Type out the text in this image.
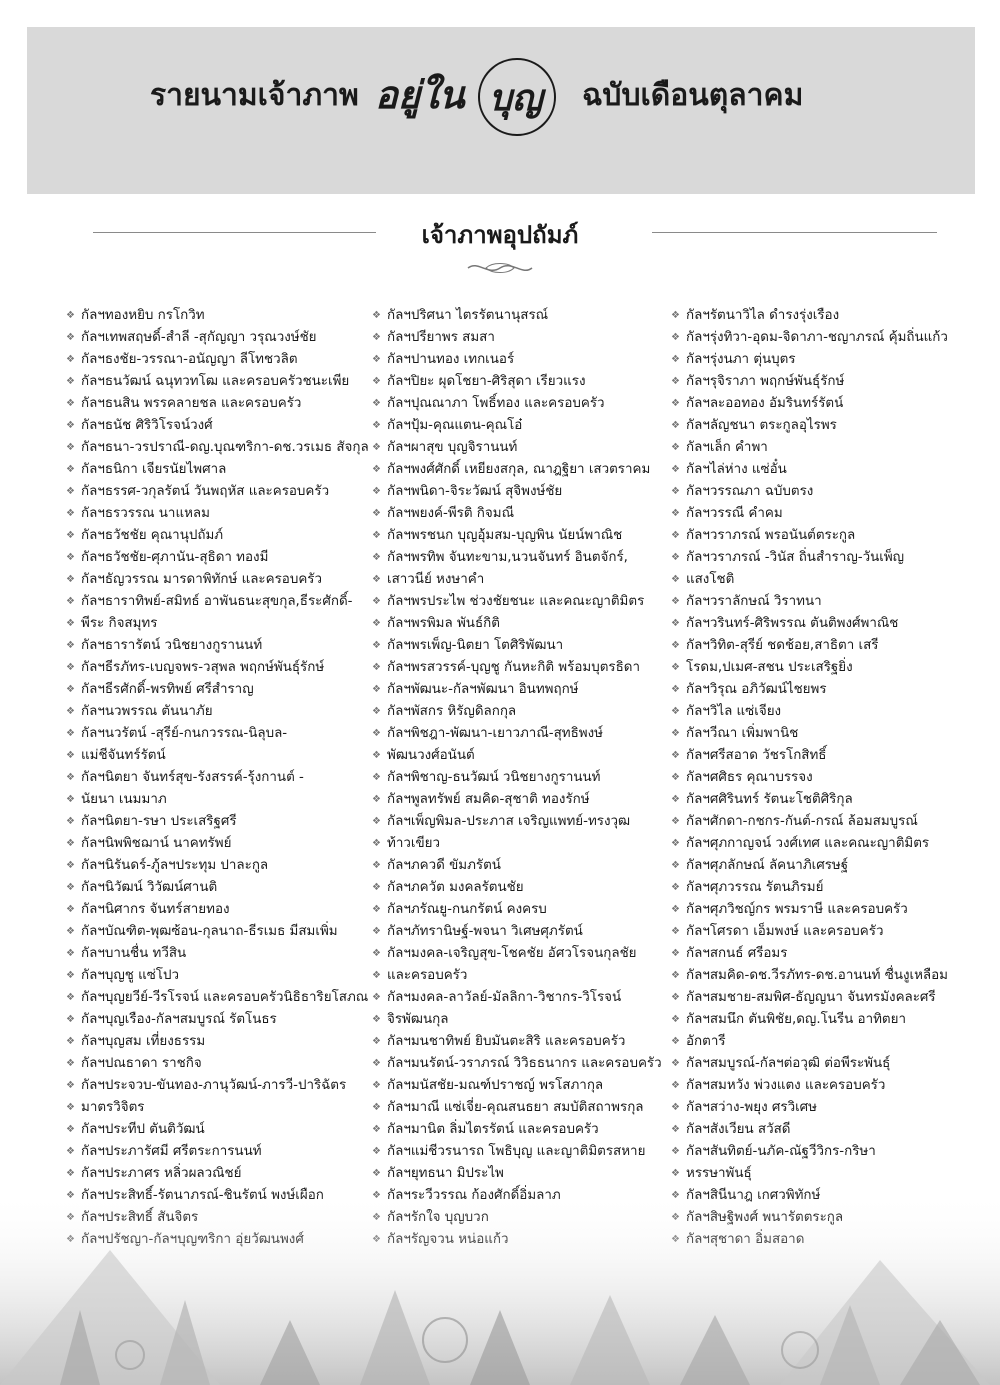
รายนามเจ้าภาพ อยู่ใน บุญ ฉบับเดือนตุลาคม
เจ้าภาพอุปถัมภ์
❖ กัลฯทองหยิบ กรโกวิท
❖ กัลฯเทพสฤษดิ์-สำลี -สุกัญญา วรุณวงษ์ชัย
❖ กัลฯธงชัย-วรรณา-อนัญญา ลีโทชวลิต
❖ กัลฯธนวัฒน์ ฉนุทวทโฒ และครอบครัวชนะเพีย
❖ กัลฯธนสิน พรรคลายชล และครอบครัว
❖ กัลฯธนัช ศิริวิโรจน์วงศ์
❖ กัลฯธนา-วรปราณี-ดญ.บุณฑริกา-ดช.วรเมธ สัจกุล
❖ กัลฯธนิกา เจียรนัยไพศาล
❖ กัลฯธรรศ-วกุลรัตน์ วันพฤหัส และครอบครัว
❖ กัลฯธรวรรณ นาแหลม
❖ กัลฯธวัชชัย คุณานุปถัมภ์
❖ กัลฯธวัชชัย-ศุภานัน-สุธิดา ทองมี
❖ กัลฯธัญวรรณ มารดาพิทักษ์ และครอบครัว
❖ กัลฯธาราทิพย์-สมิทธ์ อาพันธนะสุขกุล,ธีระศักดิ์-
❖ พีระ กิจสมุทร
❖ กัลฯธารารัตน์ วนิชยางกูรานนท์
❖ กัลฯธีรภัทร-เบญจพร-วสุพล พฤกษ์พันธุ์รักษ์
❖ กัลฯธีรศักดิ์-พรทิพย์ ศรีสำราญ
❖ กัลฯนวพรรณ ตันนาภัย
❖ กัลฯนวรัตน์ -สุรีย์-กนกวรรณ-นิลุบล-
❖ แม่ชีจันทร์รัตน์
❖ กัลฯนิตยา จันทร์สุข-รังสรรค์-รุ้งกานต์ -
❖ นัยนา เนมมาภ
❖ กัลฯนิตยา-รษา ประเสริฐศรี
❖ กัลฯนิพพิชฌาน์ นาคทรัพย์
❖ กัลฯนิรันดร์-ภู้ลฯประทุม ปาละกูล
❖ กัลฯนิวัฒน์ วิวัฒน์ศานติ
❖ กัลฯนิศากร จันทร์สายทอง
❖ กัลฯบัณฑิต-พุฒซ้อน-กุลนาถ-ธีรเมธ มีสมเพิ่ม
❖ กัลฯบานชื่น ทวีสิน
❖ กัลฯบุญชู แซ่โปว
❖ กัลฯบุญยวีย์-วีรโรจน์ และครอบครัวนิธิธาริยโสภณ
❖ กัลฯบุญเรือง-กัลฯสมบูรณ์ รัตโนธร
❖ กัลฯบุญสม เที่ยงธรรม
❖ กัลฯปณธาดา ราชกิจ
❖ กัลฯประจวบ-ขันทอง-ภานุวัฒน์-ภารวี-ปาริฉัตร
❖ มาตรวิจิตร
❖ กัลฯประทีป ตันติวัฒน์
❖ กัลฯประภารัศมี ศรีตระการนนท์
❖ กัลฯประภาศร หลิ่วผลวณิชย์
❖
❖
❖
❖ กัลฯปริศนา ไตรรัตนานุสรณ์
❖ กัลฯปรียาพร สมสา
❖ กัลฯปานทอง เทกเนอร์
❖ กัลฯปิยะ ผุดโชยา-ศิริสุดา เรียวแรง
❖ กัลฯปุณณาภา โพธิ์ทอง และครอบครัว
❖ กัลฯปุ้ม-คุณแตน-คุณโอ๋
❖ กัลฯผาสุข บุญจิรานนท์
❖ กัลฯพงศ์ศักดิ์ เหยียงสกุล, ณาฎฐิยา เสวตราคม
❖ กัลฯพนิดา-จิระวัฒน์ สุจิพงษ์ชัย
❖ กัลฯพยงค์-พีรติ กิจมณี
❖ กัลฯพรชนก บุญอุ้มสม-บุญพิน นัยน์พาณิช
❖ กัลฯพรทิพ จันทะขาม,นวนจันทร์ อินตจักร์,
❖ เสาวนีย์ หงษาคำ
❖ กัลฯพรประไพ ช่วงชัยชนะ และคณะญาติมิตร
❖ กัลฯพรพิมล พันธ์กิติ
❖ กัลฯพรเพ็ญ-นิตยา โตศิริพัฒนา
❖ กัลฯพรสวรรค์-บุญชู กันหะกิติ พร้อมบุตรธิดา
❖ กัลฯพัฒนะ-กัลฯพัฒนา อินทพฤกษ์
❖ กัลฯพัสกร หิรัญดิลกกุล
❖ กัลฯพิชฎา-พัฒนา-เยาวภาณี-สุทธิพงษ์
❖ พัฒนวงศ์อนันต์
❖ กัลฯพิชาญ-ธนวัฒน์ วนิชยางกูรานนท์
❖ กัลฯพูลทรัพย์ สมคิด-สุชาติ ทองรักษ์
❖ กัลฯเพ็ญพิมล-ประภาส เจริญแพทย์-ทรงวุฒ
❖ ท้าวเขียว
❖ กัลฯภควดี ขัมภรัตน์
❖ กัลฯภควัต มงคลรัตนชัย
❖ กัลฯภรัณยู-กนกรัตน์ คงครบ
❖ กัลฯภัทรานิษฐ์-พจนา วิเศษศุภรัตน์
❖ กัลฯมงคล-เจริญสุข-โชคชัย อัศวโรจนกุลชัย
❖ และครอบครัว
❖ กัลฯมงคล-ลาวัลย์-มัลลิกา-วิชากร-วิโรจน์
❖ จิรพัฒนกุล
❖ กัลฯมนชาทิพย์ ยิบมันตะสิริ และครอบครัว
❖ กัลฯมนรัตน์-วราภรณ์ วิวิธธนากร และครอบครัว
❖ กัลฯมนัสชัย-มณฑ์ปราชญ์ พรโสภากุล
❖ กัลฯมาณี แซ่เจี่ย-คุณสนธยา สมบัติสถาพรกุล
❖ กัลฯมานิต ลิ่มไตรรัตน์ และครอบครัว
❖ กัลฯแม่ชีวรนารถ โพธิบุญ และญาติมิตรสหาย
❖ กัลฯยุทธนา มิประไพ
❖
❖
❖
❖ กัลฯรัตนาวิไล ดำรงรุ่งเรือง
❖ กัลฯรุ่งทิวา-อุดม-จิดาภา-ชญาภรณ์ คุ้มถิ่นแก้ว
❖ กัลฯรุ่งนภา ตุ่นบุตร
❖ กัลฯรุจิราภา พฤกษ์พันธุ์รักษ์
❖ กัลฯละออทอง อัมรินทร์รัตน์
❖ กัลฯลัญชนา ตระกูลอุไรพร
❖ กัลฯเล็ก คำพา
❖ กัลฯไล่ห่าง แซ่อั๋น
❖ กัลฯวรรณภา ฉบับตรง
❖ กัลฯวรรณี คำคม
❖ กัลฯวราภรณ์ พรอนันต์ตระกูล
❖ กัลฯวราภรณ์ -วินัส ถิ่นสำราญ-วันเพ็ญ
❖ แสงโชติ
❖ กัลฯวราลักษณ์ วิราทนา
❖ กัลฯวรินทร์-ศิริพรรณ ตันติพงศ์พาณิช
❖ กัลฯวิทิต-สุรีย์ ชดช้อย,สาธิตา เสรี
❖ โรดม,ปเมศ-สชน ประเสริฐยิ่ง
❖ กัลฯวิรุณ อภิวัฒน์ไชยพร
❖ กัลฯวิไล แซ่เจียง
❖ กัลฯวีณา เพิ่มพานิช
❖ กัลฯศรีสอาด วัชรโกสิทธิ์
❖ กัลฯศศิธร คุณาบรรจง
❖ กัลฯศศิรินทร์ รัตนะโชติศิริกุล
❖ กัลฯศักดา-กชกร-กันต์-กรณ์ ล้อมสมบูรณ์
❖ กัลฯศุภกาญจน์ วงศ์เทศ และคณะญาติมิตร
❖ กัลฯศุภลักษณ์ ลัคนาภิเศรษฐ์
❖ กัลฯศุภวรรณ รัตนภิรมย์
❖ กัลฯศุภวิชญ์กร พรมราษี และครอบครัว
❖ กัลฯโศรดา เอ็มพงษ์ และครอบครัว
❖ กัลฯสกนธ์ ศรีอมร
❖ กัลฯสมคิด-ดช.วีรภัทร-ดช.อานนท์ ซื่นงูเหลือม
❖ กัลฯสมชาย-สมพิศ-ธัญญนา จันทรมังคละศรี
❖ กัลฯสมนึก ตันพิชัย,ดญ.โนรีน อาทิตยา
❖ อักตารี
❖ กัลฯสมบูรณ์-กัลฯต่อวุฒิ ต่อพีระพันธุ์
❖ กัลฯสมหวัง พ่วงแตง และครอบครัว
❖ กัลฯสว่าง-พยุง ศรวิเศษ
❖ กัลฯสังเวียน สวัสดี
❖ กัลฯสันทิตย์-นภัค-ณัฐวีวิกร-กริษา
❖ หรรษาพันธุ์
❖
❖
❖
